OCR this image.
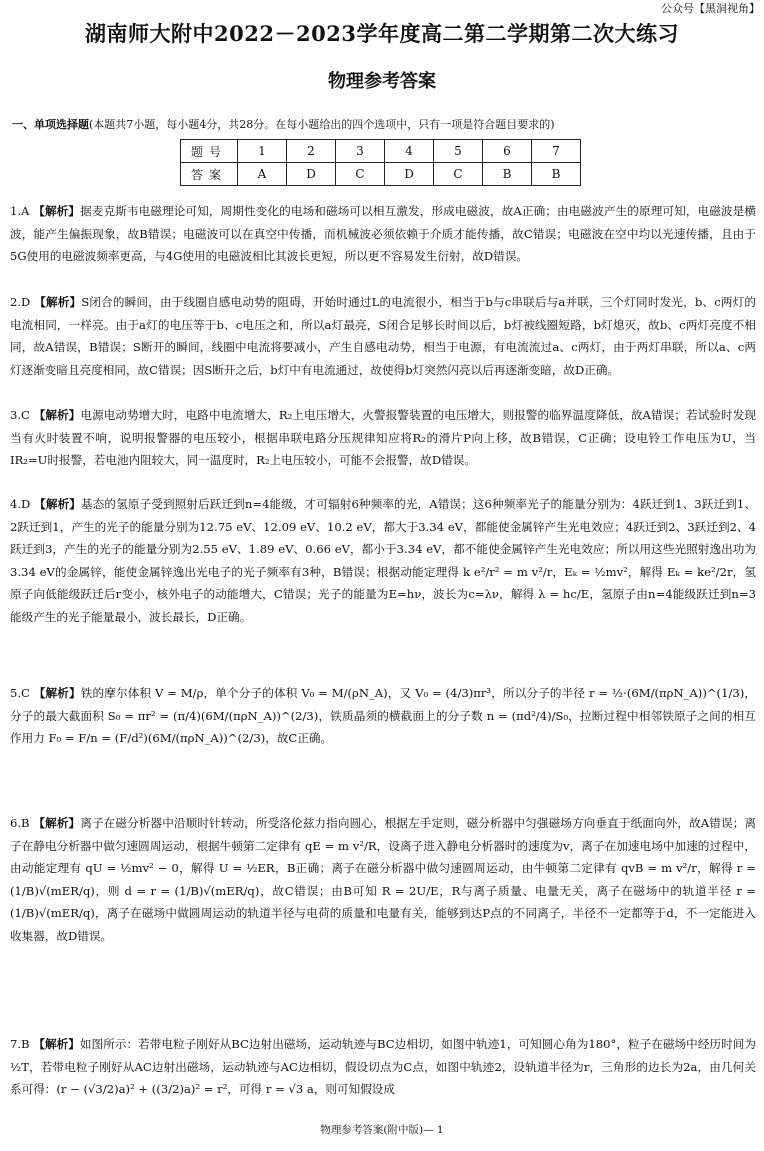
公众号【黑洞视角】
湖南师大附中2022－2023学年度高二第二学期第二次大练习
物理参考答案
一、单项选择题(本题共7小题，每小题4分，共28分。在每小题给出的四个选项中，只有一项是符合题目要求的)
题号	1	2	3	4	5	6	7
答案	A	D	C	D	C	B	B
1.A 【解析】据麦克斯韦电磁理论可知，周期性变化的电场和磁场可以相互激发，形成电磁波，故A正确；由电磁波产生的原理可知，电磁波是横波，能产生偏振现象，故B错误；电磁波可以在真空中传播，而机械波必须依赖于介质才能传播，故C错误；电磁波在空中均以光速传播，且由于5G使用的电磁波频率更高，与4G使用的电磁波相比其波长更短，所以更不容易发生衍射，故D错误。
2.D 【解析】S闭合的瞬间，由于线圈自感电动势的阻碍，开始时通过L的电流很小，相当于b与c串联后与a并联，三个灯同时发光，b、c两灯的电流相同，一样亮。由于a灯的电压等于b、c电压之和，所以a灯最亮，S闭合足够长时间以后，b灯被线圈短路，b灯熄灭，故b、c两灯亮度不相同，故A错误，B错误；S断开的瞬间，线圈中电流将要减小，产生自感电动势，相当于电源，有电流流过a、c两灯，由于两灯串联，所以a、c两灯逐渐变暗且亮度相同，故C错误；因S断开之后，b灯中有电流通过，故使得b灯突然闪亮以后再逐渐变暗，故D正确。
3.C 【解析】电源电动势增大时，电路中电流增大，R₂上电压增大，火警报警装置的电压增大，则报警的临界温度降低，故A错误；若试验时发现当有火时装置不响，说明报警器的电压较小，根据串联电路分压规律知应将R₂的滑片P向上移，故B错误，C正确；设电铃工作电压为U，当IR₂=U时报警，若电池内阻较大，同一温度时，R₂上电压较小，可能不会报警，故D错误。
4.D 【解析】基态的氢原子受到照射后跃迁到n=4能级，才可辐射6种频率的光，A错误；这6种频率光子的能量分别为：4跃迁到1、3跃迁到1、2跃迁到1，产生的光子的能量分别为12.75 eV、12.09 eV、10.2 eV，都大于3.34 eV，都能使金属锌产生光电效应；4跃迁到2、3跃迁到2、4跃迁到3，产生的光子的能量分别为2.55 eV、1.89 eV、0.66 eV，都小于3.34 eV，都不能使金属锌产生光电效应；所以用这些光照射逸出功为3.34 eV的金属锌，能使金属锌逸出光电子的光子频率有3种，B错误；根据动能定理得 k e²/r² = m v²/r，Eₖ = ½mv²，解得 Eₖ = ke²/2r，氢原子向低能级跃迁后r变小，核外电子的动能增大，C错误；光子的能量为E=hν，波长为c=λν，解得 λ = hc/E，氢原子由n=4能级跃迁到n=3能级产生的光子能量最小，波长最长，D正确。
5.C 【解析】铁的摩尔体积 V = M/ρ，单个分子的体积 V₀ = M/(ρN_A)，又 V₀ = (4/3)πr³，所以分子的半径 r = ½·(6M/(πρN_A))^(1/3)，分子的最大截面积 S₀ = πr² = (π/4)(6M/(πρN_A))^(2/3)，铁质晶须的横截面上的分子数 n = (πd²/4)/S₀，拉断过程中相邻铁原子之间的相互作用力 F₀ = F/n = (F/d²)(6M/(πρN_A))^(2/3)，故C正确。
6.B 【解析】离子在磁分析器中沿顺时针转动，所受洛伦兹力指向圆心，根据左手定则，磁分析器中匀强磁场方向垂直于纸面向外，故A错误；离子在静电分析器中做匀速圆周运动，根据牛顿第二定律有 qE = m v²/R，设离子进入静电分析器时的速度为v，离子在加速电场中加速的过程中，由动能定理有 qU = ½mv² − 0，解得 U = ½ER，B正确；离子在磁分析器中做匀速圆周运动，由牛顿第二定律有 qvB = m v²/r，解得 r = (1/B)√(mER/q)，则 d = r = (1/B)√(mER/q)，故C错误；由B可知 R = 2U/E，R与离子质量、电量无关，离子在磁场中的轨道半径 r = (1/B)√(mER/q)，离子在磁场中做圆周运动的轨道半径与电荷的质量和电量有关，能够到达P点的不同离子，半径不一定都等于d，不一定能进入收集器，故D错误。
7.B 【解析】如图所示：若带电粒子刚好从BC边射出磁场，运动轨迹与BC边相切，如图中轨迹1，可知圆心角为180°，粒子在磁场中经历时间为 ½T，若带电粒子刚好从AC边射出磁场，运动轨迹与AC边相切，假设切点为C点，如图中轨迹2，设轨道半径为r，三角形的边长为2a，由几何关系可得：(r − (√3/2)a)² + ((3/2)a)² = r²，可得 r = √3 a，则可知假设成
物理参考答案(附中版)— 1
